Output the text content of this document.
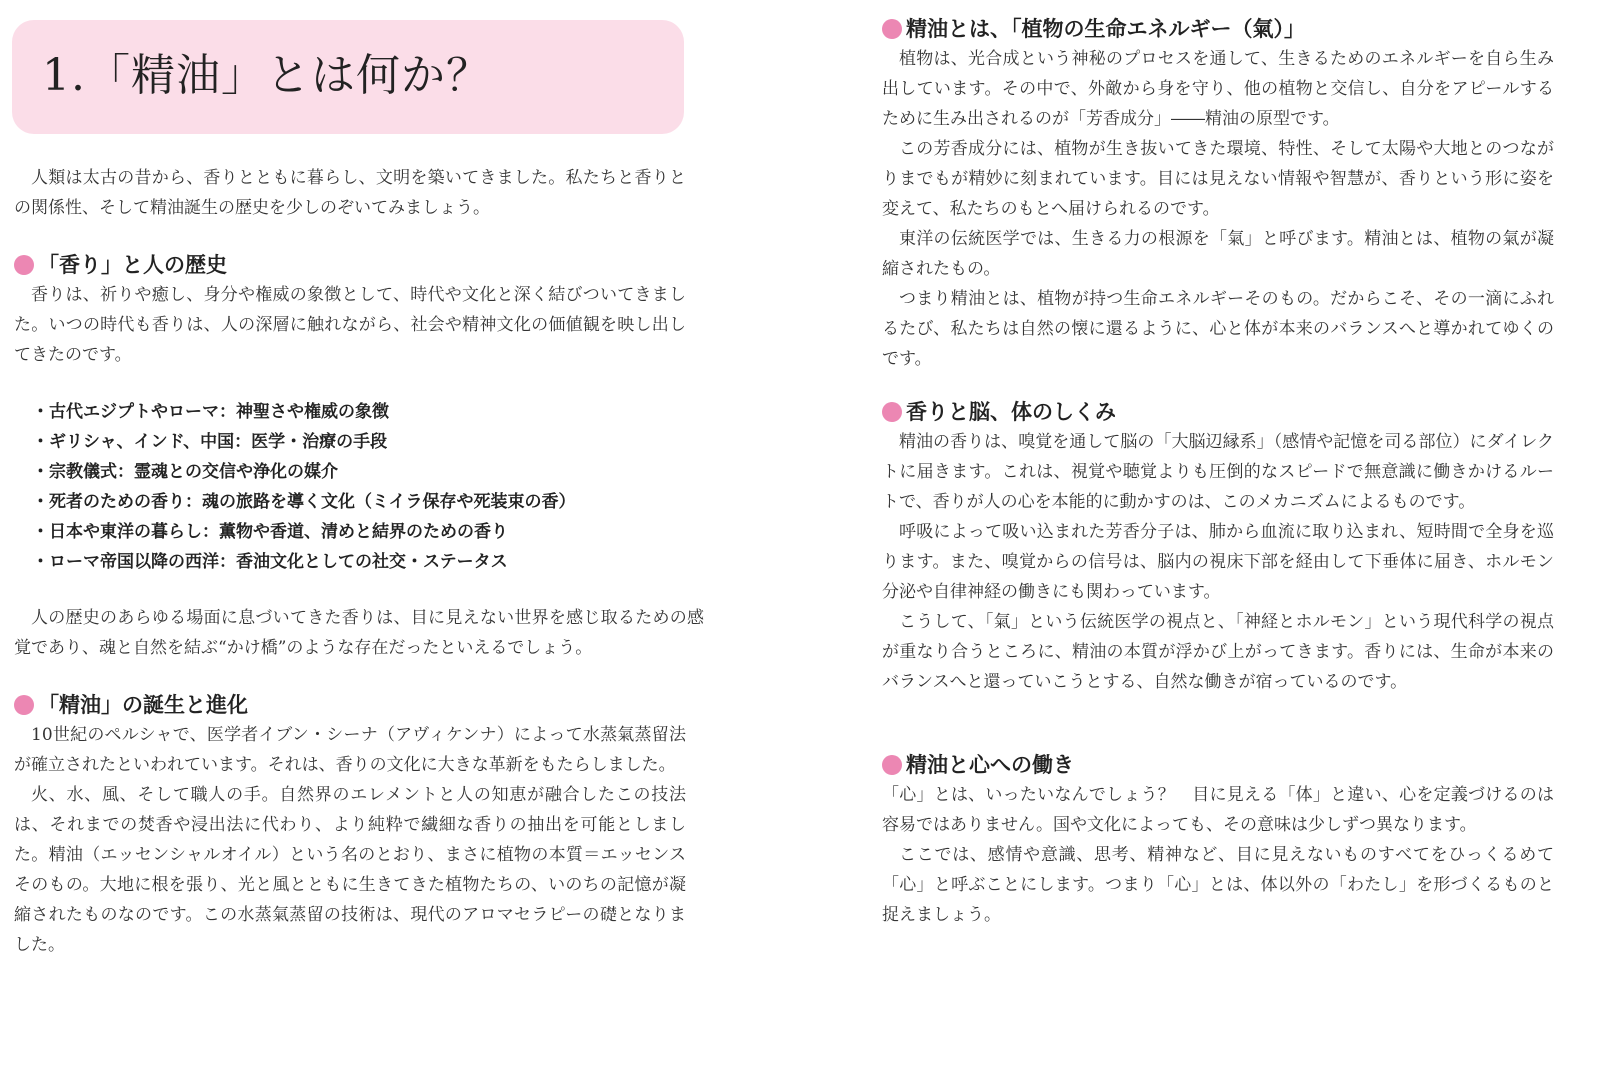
1.「精油」とは何か？

人類は太古の昔から、香りとともに暮らし、文明を築いてきました。私たちと香りとの関係性、そして精油誕生の歴史を少しのぞいてみましょう。

「香り」と人の歴史

香りは、祈りや癒し、身分や権威の象徴として、時代や文化と深く結びついてきました。いつの時代も香りは、人の深層に触れながら、社会や精神文化の価値観を映し出してきたのです。

・古代エジプトやローマ：神聖さや権威の象徴
・ギリシャ、インド、中国：医学・治療の手段
・宗教儀式：霊魂との交信や浄化の媒介
・死者のための香り：魂の旅路を導く文化（ミイラ保存や死装束の香）
・日本や東洋の暮らし：薫物や香道、清めと結界のための香り
・ローマ帝国以降の西洋：香油文化としての社交・ステータス

人の歴史のあらゆる場面に息づいてきた香りは、目に見えない世界を感じ取るための感覚であり、魂と自然を結ぶ“かけ橋”のような存在だったといえるでしょう。

「精油」の誕生と進化

10世紀のペルシャで、医学者イブン・シーナ（アヴィケンナ）によって水蒸氣蒸留法が確立されたといわれています。それは、香りの文化に大きな革新をもたらしました。

火、水、風、そして職人の手。自然界のエレメントと人の知恵が融合したこの技法は、それまでの焚香や浸出法に代わり、より純粋で繊細な香りの抽出を可能としました。精油（エッセンシャルオイル）という名のとおり、まさに植物の本質＝エッセンスそのもの。大地に根を張り、光と風とともに生きてきた植物たちの、いのちの記憶が凝縮されたものなのです。この水蒸氣蒸留の技術は、現代のアロマセラピーの礎となりました。

精油とは、「植物の生命エネルギー（氣）」

植物は、光合成という神秘のプロセスを通して、生きるためのエネルギーを自ら生み出しています。その中で、外敵から身を守り、他の植物と交信し、自分をアピールするために生み出されるのが「芳香成分」――精油の原型です。

この芳香成分には、植物が生き抜いてきた環境、特性、そして太陽や大地とのつながりまでもが精妙に刻まれています。目には見えない情報や智慧が、香りという形に姿を変えて、私たちのもとへ届けられるのです。

東洋の伝統医学では、生きる力の根源を「氣」と呼びます。精油とは、植物の氣が凝縮されたもの。

つまり精油とは、植物が持つ生命エネルギーそのもの。だからこそ、その一滴にふれるたび、私たちは自然の懐に還るように、心と体が本来のバランスへと導かれてゆくのです。

香りと脳、体のしくみ

精油の香りは、嗅覚を通して脳の「大脳辺縁系」（感情や記憶を司る部位）にダイレクトに届きます。これは、視覚や聴覚よりも圧倒的なスピードで無意識に働きかけるルートで、香りが人の心を本能的に動かすのは、このメカニズムによるものです。

呼吸によって吸い込まれた芳香分子は、肺から血流に取り込まれ、短時間で全身を巡ります。また、嗅覚からの信号は、脳内の視床下部を経由して下垂体に届き、ホルモン分泌や自律神経の働きにも関わっています。

こうして、「氣」という伝統医学の視点と、「神経とホルモン」という現代科学の視点が重なり合うところに、精油の本質が浮かび上がってきます。香りには、生命が本来のバランスへと還っていこうとする、自然な働きが宿っているのです。

精油と心への働き

「心」とは、いったいなんでしょう？　目に見える「体」と違い、心を定義づけるのは容易ではありません。国や文化によっても、その意味は少しずつ異なります。

ここでは、感情や意識、思考、精神など、目に見えないものすべてをひっくるめて「心」と呼ぶことにします。つまり「心」とは、体以外の「わたし」を形づくるものと捉えましょう。
